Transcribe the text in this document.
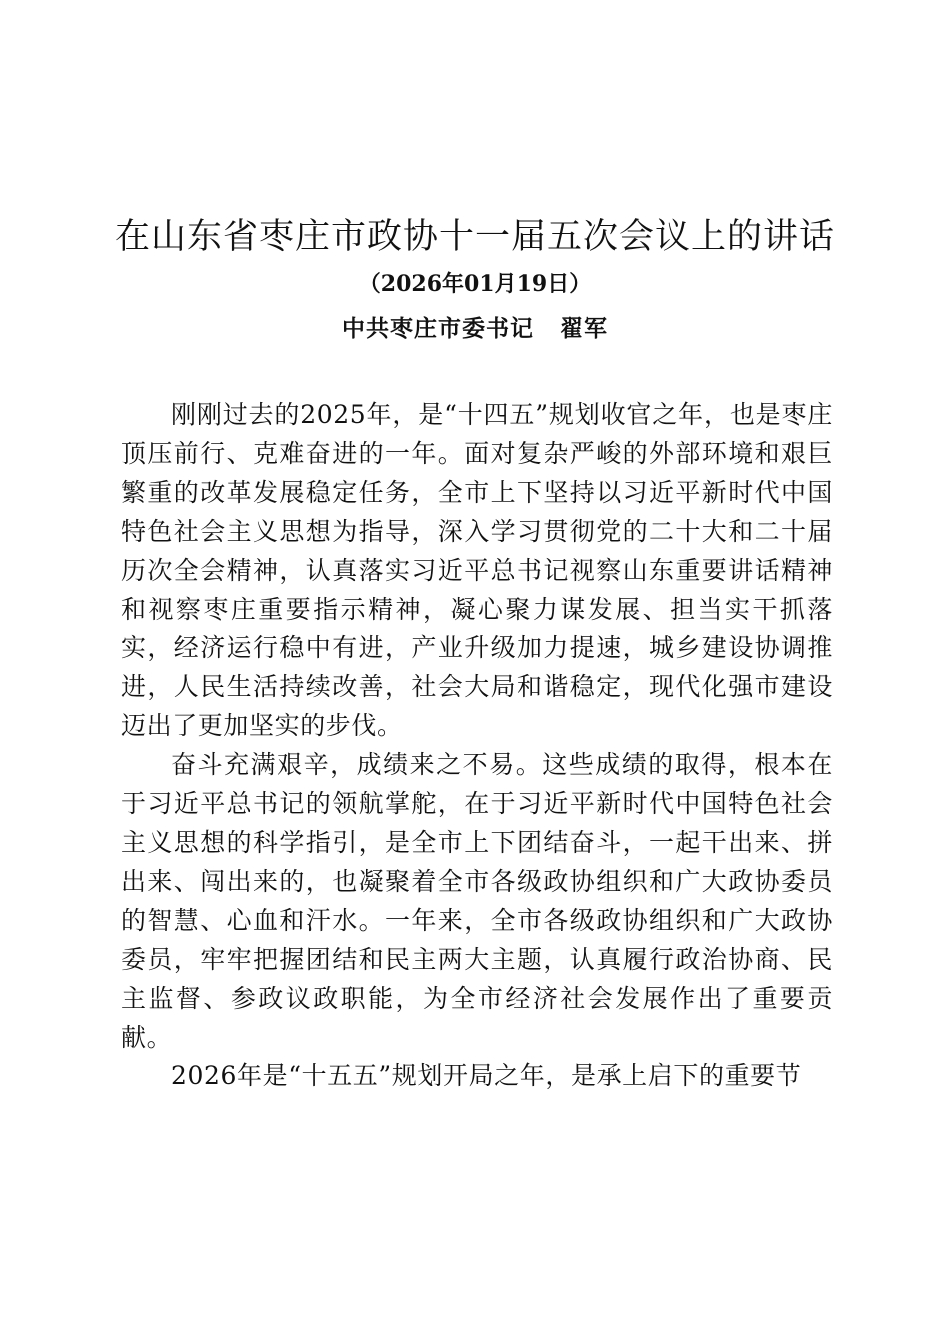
在山东省枣庄市政协十一届五次会议上的讲话
（2026年01月19日）
中共枣庄市委书记 翟军

刚刚过去的2025年，是“十四五”规划收官之年，也是枣庄顶压前行、克难奋进的一年。面对复杂严峻的外部环境和艰巨繁重的改革发展稳定任务，全市上下坚持以习近平新时代中国特色社会主义思想为指导，深入学习贯彻党的二十大和二十届历次全会精神，认真落实习近平总书记视察山东重要讲话精神和视察枣庄重要指示精神，凝心聚力谋发展、担当实干抓落实，经济运行稳中有进，产业升级加力提速，城乡建设协调推进，人民生活持续改善，社会大局和谐稳定，现代化强市建设迈出了更加坚实的步伐。

奋斗充满艰辛，成绩来之不易。这些成绩的取得，根本在于习近平总书记的领航掌舵，在于习近平新时代中国特色社会主义思想的科学指引，是全市上下团结奋斗，一起干出来、拼出来、闯出来的，也凝聚着全市各级政协组织和广大政协委员的智慧、心血和汗水。一年来，全市各级政协组织和广大政协委员，牢牢把握团结和民主两大主题，认真履行政治协商、民主监督、参政议政职能，为全市经济社会发展作出了重要贡献。

2026年是“十五五”规划开局之年，是承上启下的重要节
